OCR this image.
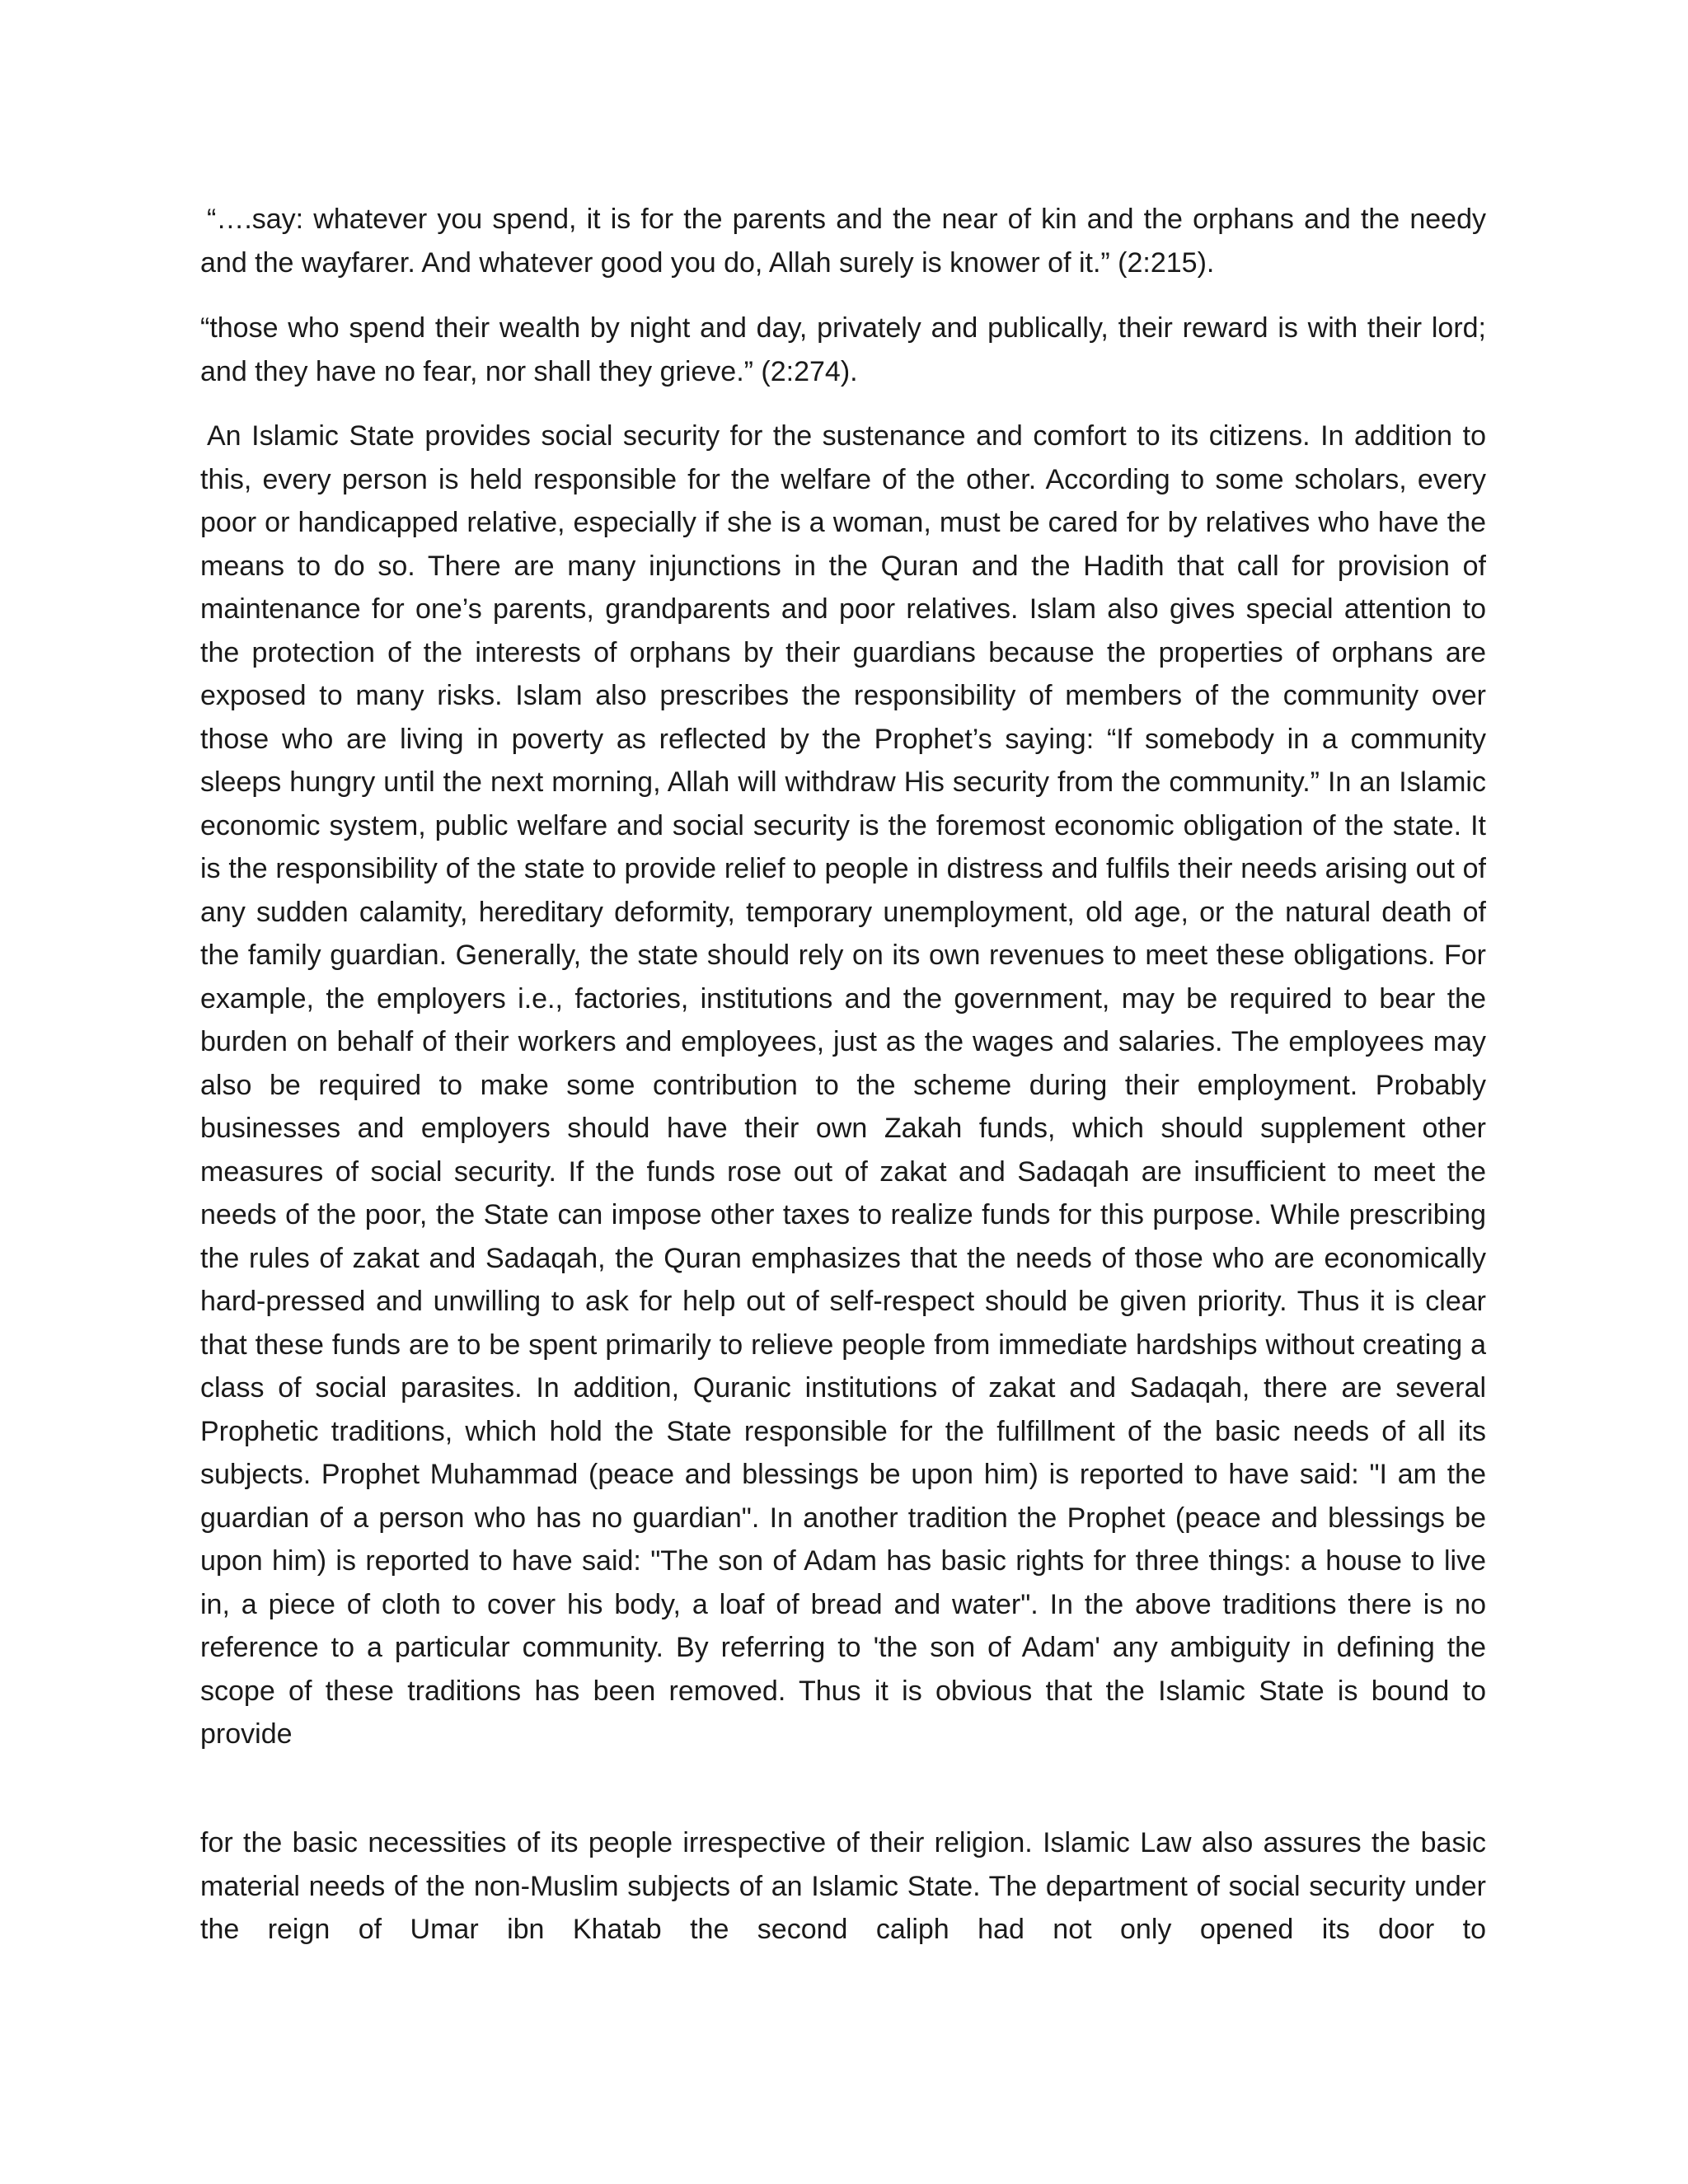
“….say: whatever you spend, it is for the parents and the near of kin and the orphans and the needy and the wayfarer. And whatever good you do, Allah surely is knower of it.” (2:215).

“those who spend their wealth by night and day, privately and publically, their reward is with their lord; and they have no fear, nor shall they grieve.” (2:274).

An Islamic State provides social security for the sustenance and comfort to its citizens. In addition to this, every person is held responsible for the welfare of the other. According to some scholars, every poor or handicapped relative, especially if she is a woman, must be cared for by relatives who have the means to do so. There are many injunctions in the Quran and the Hadith that call for provision of maintenance for one’s parents, grandparents and poor relatives. Islam also gives special attention to the protection of the interests of orphans by their guardians because the properties of orphans are exposed to many risks. Islam also prescribes the responsibility of members of the community over those who are living in poverty as reflected by the Prophet’s saying: “If somebody in a community sleeps hungry until the next morning, Allah will withdraw His security from the community.” In an Islamic economic system, public welfare and social security is the foremost economic obligation of the state. It is the responsibility of the state to provide relief to people in distress and fulfils their needs arising out of any sudden calamity, hereditary deformity, temporary unemployment, old age, or the natural death of the family guardian. Generally, the state should rely on its own revenues to meet these obligations. For example, the employers i.e., factories, institutions and the government, may be required to bear the burden on behalf of their workers and employees, just as the wages and salaries. The employees may also be required to make some contribution to the scheme during their employment. Probably businesses and employers should have their own Zakah funds, which should supplement other measures of social security. If the funds rose out of zakat and Sadaqah are insufficient to meet the needs of the poor, the State can impose other taxes to realize funds for this purpose. While prescribing the rules of zakat and Sadaqah, the Quran emphasizes that the needs of those who are economically hard-pressed and unwilling to ask for help out of self-respect should be given priority. Thus it is clear that these funds are to be spent primarily to relieve people from immediate hardships without creating a class of social parasites. In addition, Quranic institutions of zakat and Sadaqah, there are several Prophetic traditions, which hold the State responsible for the fulfillment of the basic needs of all its subjects. Prophet Muhammad (peace and blessings be upon him) is reported to have said: "I am the guardian of a person who has no guardian". In another tradition the Prophet (peace and blessings be upon him) is reported to have said: "The son of Adam has basic rights for three things: a house to live in, a piece of cloth to cover his body, a loaf of bread and water". In the above traditions there is no reference to a particular community. By referring to 'the son of Adam' any ambiguity in defining the scope of these traditions has been removed. Thus it is obvious that the Islamic State is bound to provide

for the basic necessities of its people irrespective of their religion. Islamic Law also assures the basic material needs of the non-Muslim subjects of an Islamic State. The department of social security under the reign of Umar ibn Khatab the second caliph had not only opened its door to
